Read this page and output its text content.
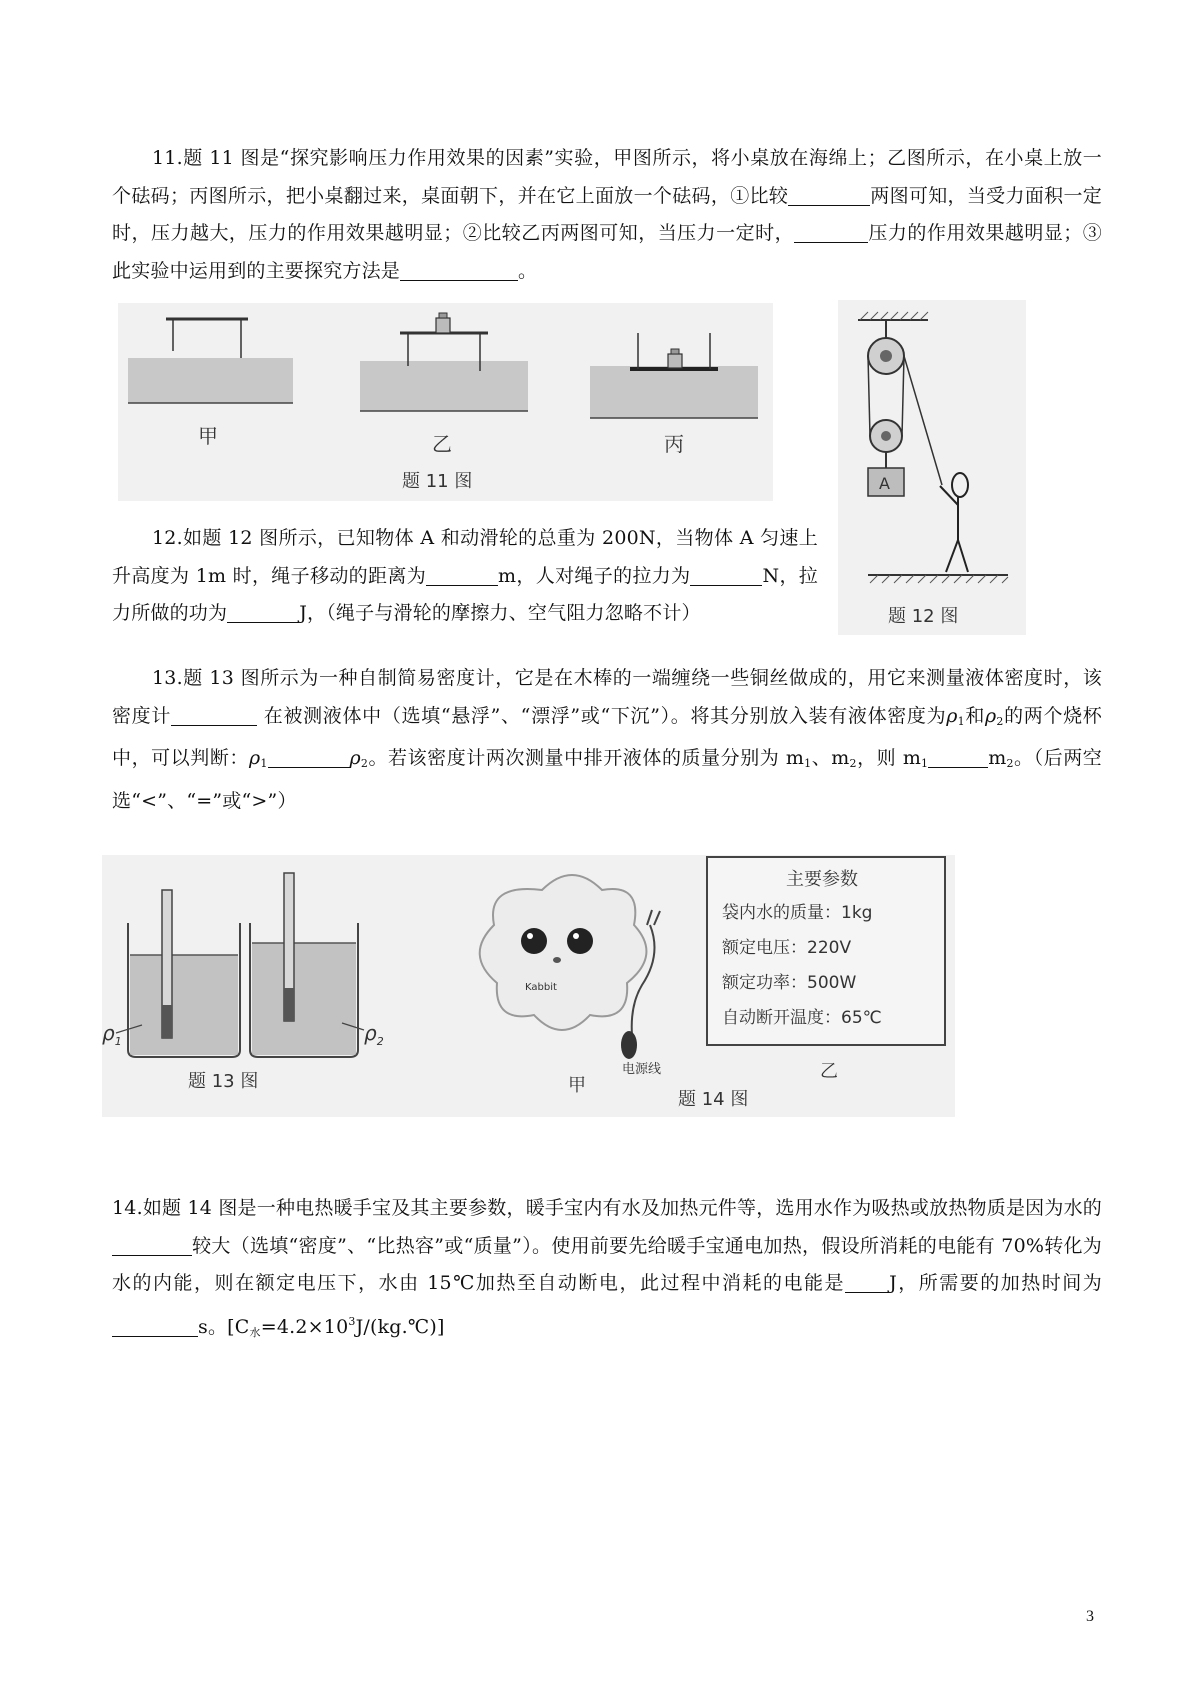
11.题 11 图是“探究影响压力作用效果的因素”实验，甲图所示，将小桌放在海绵上；乙图所示，在小桌上放一个砝码；丙图所示，把小桌翻过来，桌面朝下，并在它上面放一个砝码，①比较	两图可知，当受力面积一定时，压力越大，压力的作用效果越明显；②比较乙丙两图可知，当压力一定时，	压力的作用效果越明显；③此实验中运用到的主要探究方法是	。
甲	乙	丙
题 11 图
12.如题 12 图所示，已知物体 A 和动滑轮的总重为 200N，当物体 A 匀速上升高度为 1m 时，绳子移动的距离为	m，人对绳子的拉力为	N，拉力所做的功为	J，（绳子与滑轮的摩擦力、空气阻力忽略不计）
A
题 12 图
13.题 13 图所示为一种自制简易密度计，它是在木棒的一端缠绕一些铜丝做成的，用它来测量液体密度时，该密度计	在被测液体中（选填“悬浮”、“漂浮”或“下沉”）。将其分别放入装有液体密度为$\rho_1$和$\rho_2$的两个烧杯中，可以判断：$\rho_1$	$\rho_2$。若该密度计两次测量中排开液体的质量分别为 $m_1$、$m_2$，则 $m_1$	$m_2$。（后两空选“<”、“=”或“>”）
$\rho_1$	$\rho_2$
题 13 图
Kabbit
电源线
甲
主要参数
袋内水的质量：1kg
额定电压：220V
额定功率：500W
自动断开温度：65℃
乙
题 14 图
14.如题 14 图是一种电热暖手宝及其主要参数，暖手宝内有水及加热元件等，选用水作为吸热或放热物质是因为水的较大（选填“密度”、“比热容”或“质量”）。使用前要先给暖手宝通电加热，假设所消耗的电能有 70%转化为水的内能，则在额定电压下，水由 15℃加热至自动断电，此过程中消耗的电能是 J，所需要的加热时间为s。$[C_水=4.2\times 10^3J/(kg.℃)]$
3
